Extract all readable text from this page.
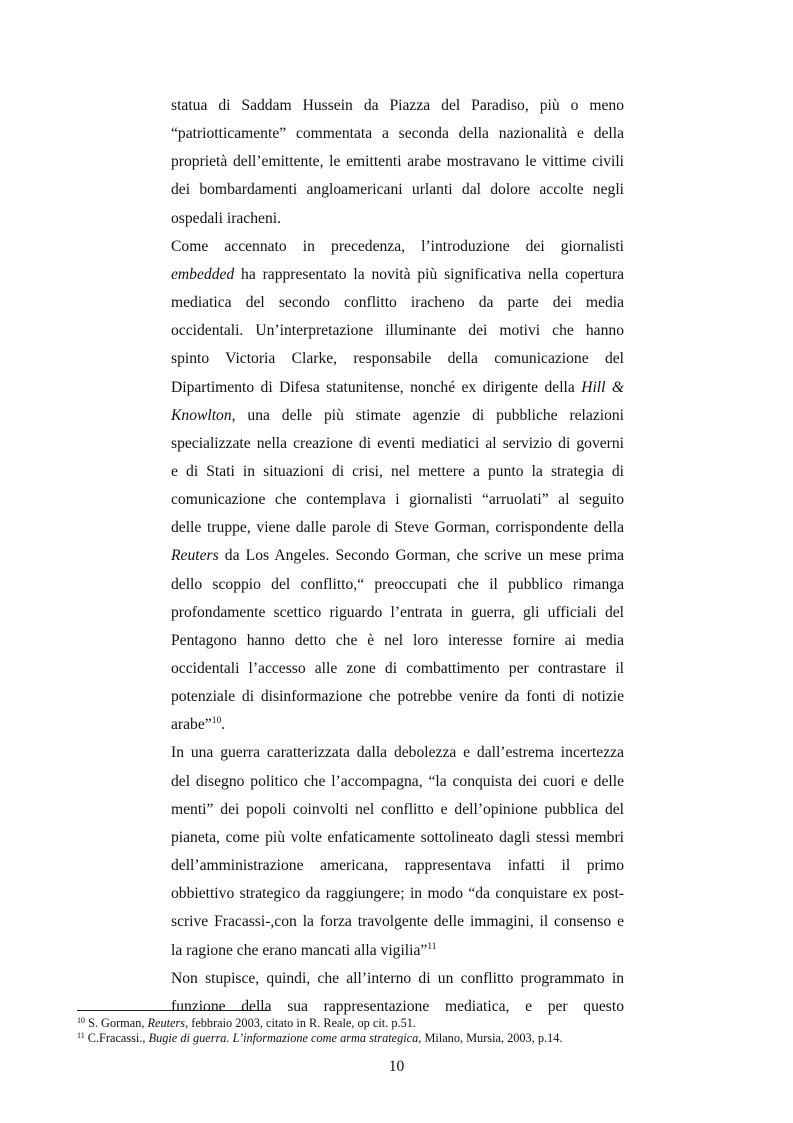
statua di Saddam Hussein da Piazza del Paradiso, più o meno
“patriotticamente” commentata a seconda della nazionalità e della
proprietà dell’emittente, le emittenti arabe mostravano le vittime civili
dei bombardamenti angloamericani urlanti dal dolore accolte negli
ospedali iracheni.
Come accennato in precedenza, l’introduzione dei giornalisti
embedded ha rappresentato la novità più significativa nella copertura
mediatica del secondo conflitto iracheno da parte dei media
occidentali. Un’interpretazione illuminante dei motivi che hanno
spinto Victoria Clarke, responsabile della comunicazione del
Dipartimento di Difesa statunitense, nonché ex dirigente della Hill &
Knowlton, una delle più stimate agenzie di pubbliche relazioni
specializzate nella creazione di eventi mediatici al servizio di governi
e di Stati in situazioni di crisi, nel mettere a punto la strategia di
comunicazione che contemplava i giornalisti “arruolati” al seguito
delle truppe, viene dalle parole di Steve Gorman, corrispondente della
Reuters da Los Angeles. Secondo Gorman, che scrive un mese prima
dello scoppio del conflitto,“ preoccupati che il pubblico rimanga
profondamente scettico riguardo l’entrata in guerra, gli ufficiali del
Pentagono hanno detto che è nel loro interesse fornire ai media
occidentali l’accesso alle zone di combattimento per contrastare il
potenziale di disinformazione che potrebbe venire da fonti di notizie
arabe”$^{10}$.
In una guerra caratterizzata dalla debolezza e dall’estrema incertezza
del disegno politico che l’accompagna, “la conquista dei cuori e delle
menti” dei popoli coinvolti nel conflitto e dell’opinione pubblica del
pianeta, come più volte enfaticamente sottolineato dagli stessi membri
dell’amministrazione americana, rappresentava infatti il primo
obbiettivo strategico da raggiungere; in modo “da conquistare ex post-
scrive Fracassi-,con la forza travolgente delle immagini, il consenso e
la ragione che erano mancati alla vigilia”$^{11}$
Non stupisce, quindi, che all’interno di un conflitto programmato in
funzione della sua rappresentazione mediatica, e per questo
$^{10}$ S. Gorman, Reuters, febbraio 2003, citato in R. Reale, op cit. p.51.
$^{11}$ C.Fracassi., Bugie di guerra. L’informazione come arma strategica, Milano, Mursia, 2003, p.14.
10
